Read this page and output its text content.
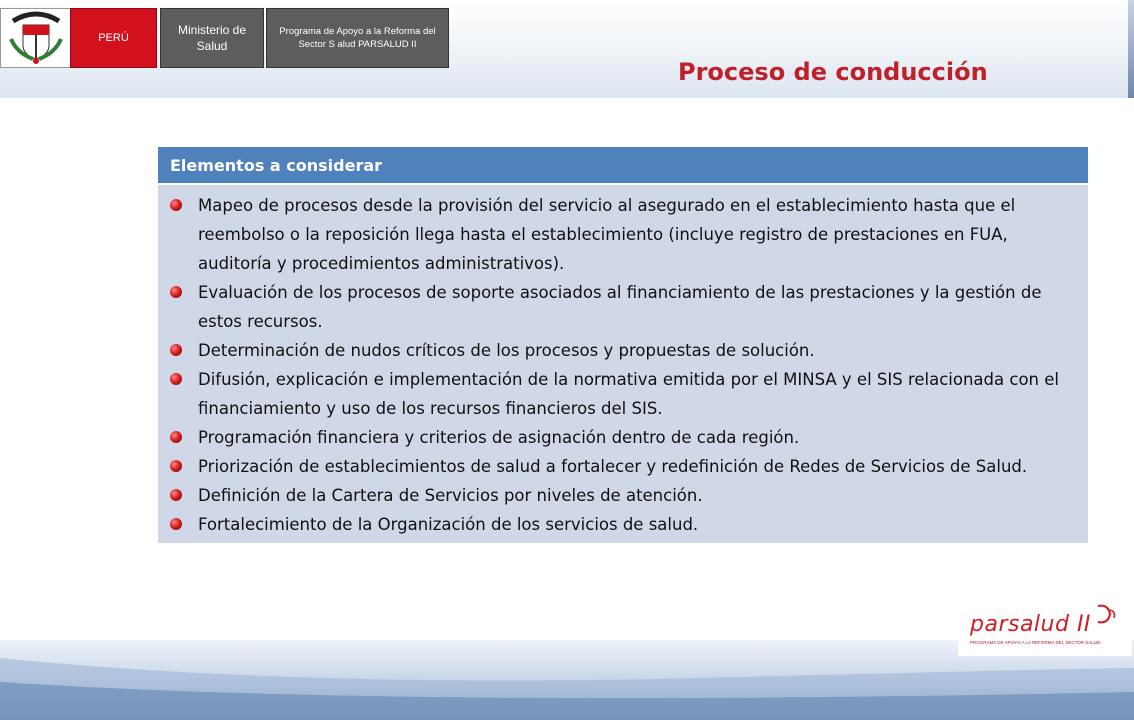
PERÚ
Ministerio de Salud
Programa de Apoyo a la Reforma del Sector S alud PARSALUD II
Proceso de conducción
Elementos a considerar
Mapeo de procesos desde la provisión del servicio al asegurado en el establecimiento hasta que el reembolso o la reposición llega hasta el establecimiento (incluye registro de prestaciones en FUA, auditoría y procedimientos administrativos).
Evaluación de los procesos de soporte asociados al financiamiento de las prestaciones y la gestión de estos recursos.
Determinación de nudos críticos de los procesos y propuestas de solución.
Difusión, explicación e implementación de la normativa emitida por el MINSA y el SIS relacionada con el financiamiento y uso de los recursos financieros del SIS.
Programación financiera y criterios de asignación dentro de cada región.
Priorización de establecimientos de salud a fortalecer y redefinición de Redes de Servicios de Salud.
Definición de la Cartera de Servicios por niveles de atención.
Fortalecimiento de la Organización de los servicios de salud.
parsalud II
PROGRAMA DE APOYO A LA REFORMA DEL SECTOR SALUD
